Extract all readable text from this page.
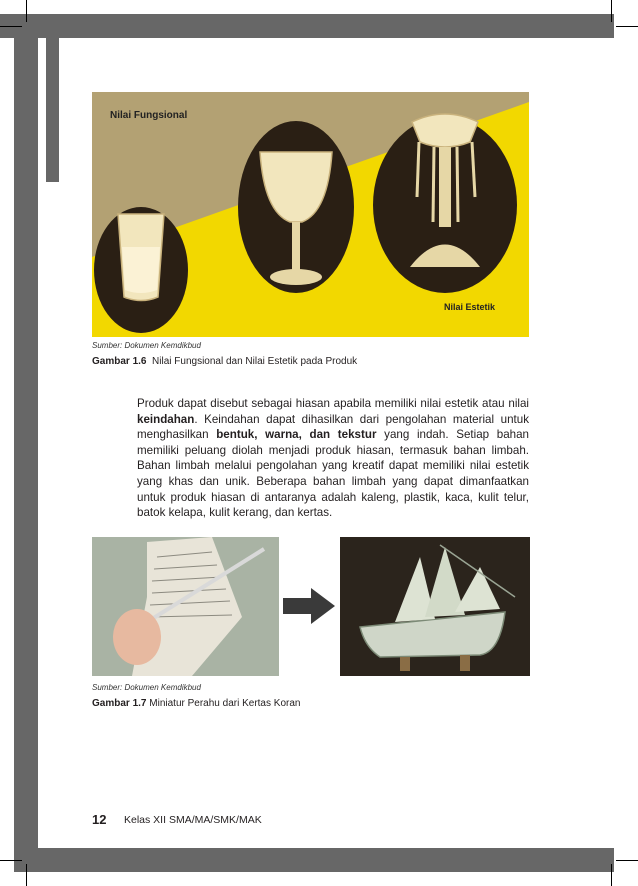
Nilai Fungsional
Nilai Estetik
Sumber: Dokumen Kemdikbud
Gambar 1.6 Nilai Fungsional dan Nilai Estetik pada Produk

Produk dapat disebut sebagai hiasan apabila memiliki nilai estetik atau nilai keindahan. Keindahan dapat dihasilkan dari pengolahan material untuk menghasilkan bentuk, warna, dan tekstur yang indah. Setiap bahan memiliki peluang diolah menjadi produk hiasan, termasuk bahan limbah. Bahan limbah melalui pengolahan yang kreatif dapat memiliki nilai estetik yang khas dan unik. Beberapa bahan limbah yang dapat dimanfaatkan untuk produk hiasan di antaranya adalah kaleng, plastik, kaca, kulit telur, batok kelapa, kulit kerang, dan kertas.

Sumber: Dokumen Kemdikbud
Gambar 1.7 Miniatur Perahu dari Kertas Koran
12 Kelas XII SMA/MA/SMK/MAK
